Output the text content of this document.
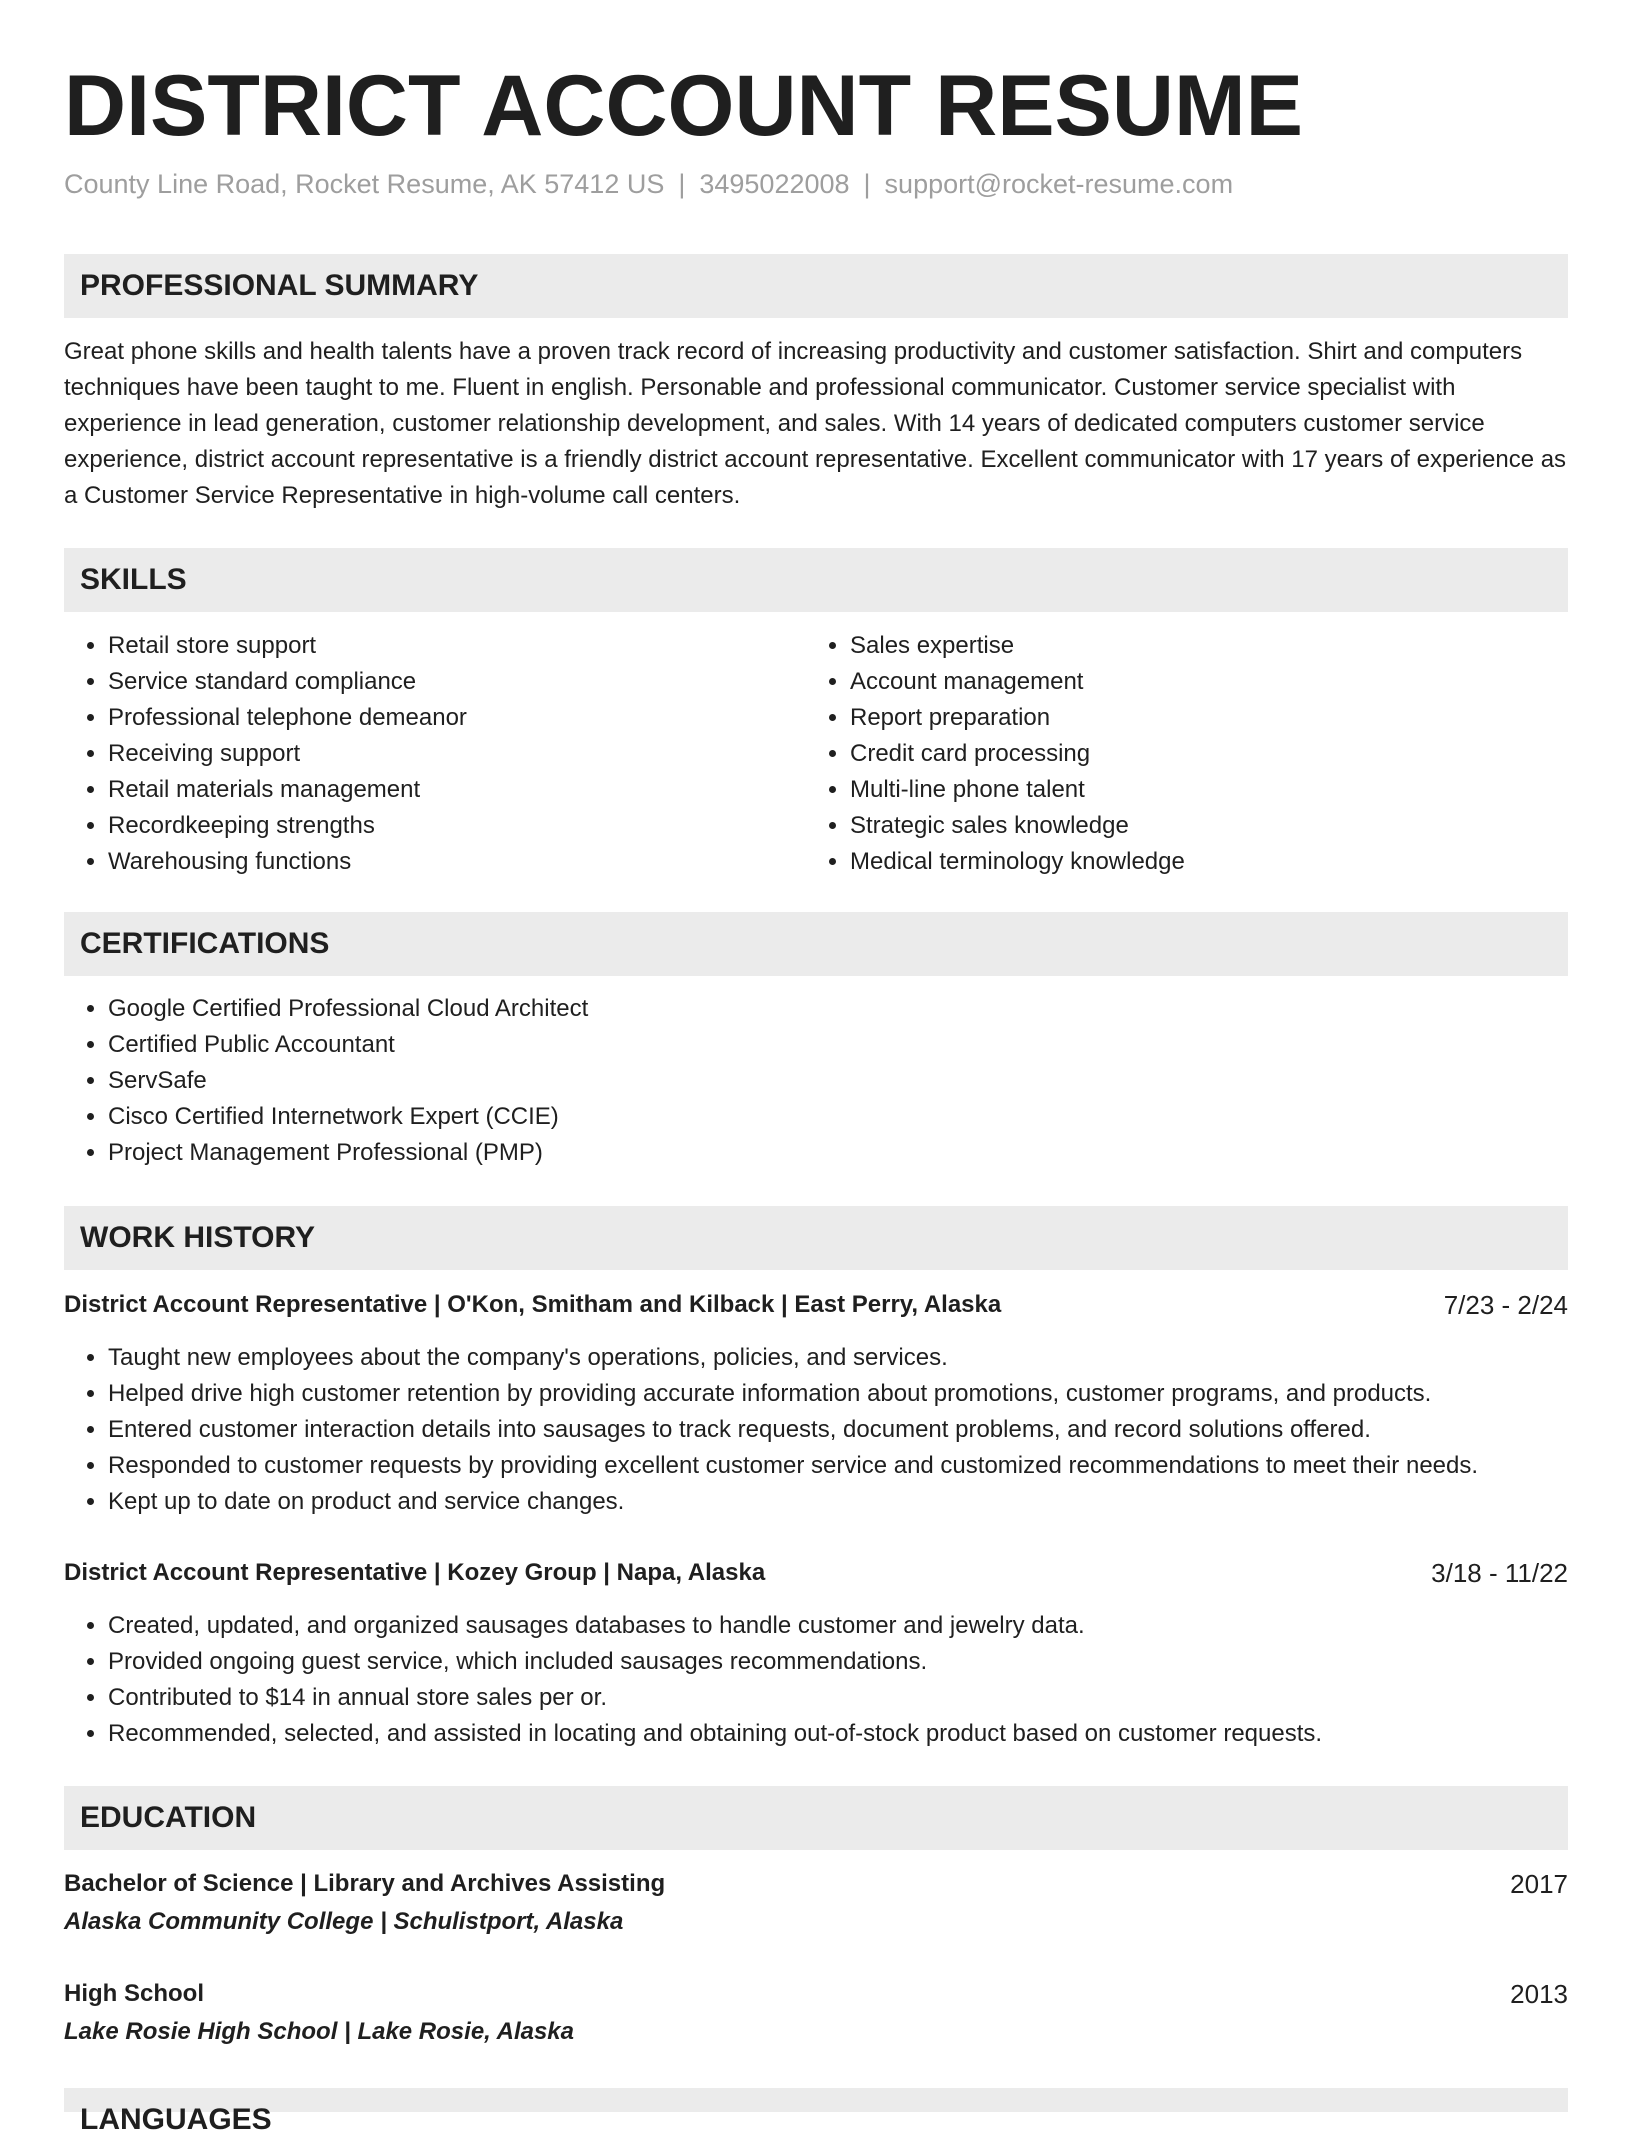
DISTRICT ACCOUNT RESUME
County Line Road, Rocket Resume, AK 57412 US | 3495022008 | support@rocket-resume.com
PROFESSIONAL SUMMARY

Great phone skills and health talents have a proven track record of increasing productivity and customer satisfaction. Shirt and computers techniques have been taught to me. Fluent in english. Personable and professional communicator. Customer service specialist with experience in lead generation, customer relationship development, and sales. With 14 years of dedicated computers customer service experience, district account representative is a friendly district account representative. Excellent communicator with 17 years of experience as a Customer Service Representative in high-volume call centers.

SKILLS
• Retail store support
• Service standard compliance
• Professional telephone demeanor
• Receiving support
• Retail materials management
• Recordkeeping strengths
• Warehousing functions
• Sales expertise
• Account management
• Report preparation
• Credit card processing
• Multi-line phone talent
• Strategic sales knowledge
• Medical terminology knowledge
CERTIFICATIONS
• Google Certified Professional Cloud Architect
• Certified Public Accountant
• ServSafe
• Cisco Certified Internetwork Expert (CCIE)
• Project Management Professional (PMP)
WORK HISTORY
District Account Representative | O'Kon, Smitham and Kilback | East Perry, Alaska	7/23 - 2/24
• Taught new employees about the company's operations, policies, and services.
• Helped drive high customer retention by providing accurate information about promotions, customer programs, and products.
• Entered customer interaction details into sausages to track requests, document problems, and record solutions offered.
• Responded to customer requests by providing excellent customer service and customized recommendations to meet their needs.
• Kept up to date on product and service changes.
District Account Representative | Kozey Group | Napa, Alaska	3/18 - 11/22
• Created, updated, and organized sausages databases to handle customer and jewelry data.
• Provided ongoing guest service, which included sausages recommendations.
• Contributed to $14 in annual store sales per or.
• Recommended, selected, and assisted in locating and obtaining out-of-stock product based on customer requests.
EDUCATION
Bachelor of Science | Library and Archives Assisting	2017
Alaska Community College | Schulistport, Alaska
High School	2013
Lake Rosie High School | Lake Rosie, Alaska
LANGUAGES
